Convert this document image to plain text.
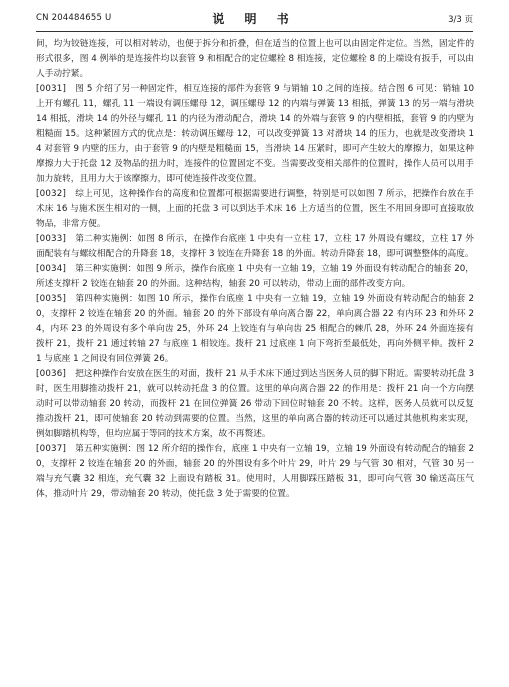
CN 204484655 U	说 明 书	3/3 页

间，均为铰链连接，可以相对转动，也便于拆分和折叠，但在适当的位置上也可以由固定件定位。当然，固定件的形式很多，图 4 例举的是连接件均以套管 9 和相配合的定位螺栓 8 相连接，定位螺栓 8 的上端设有扳手，可以由人手动拧紧。

[0031] 图 5 介绍了另一种固定件，相互连接的部件为套管 9 与销轴 10 之间的连接。结合图 6 可见：销轴 10 上开有螺孔 11，螺孔 11 一端设有调压螺母 12，调压螺母 12 的内端与弹簧 13 相抵，弹簧 13 的另一端与滑块 14 相抵，滑块 14 的外径与螺孔 11 的内径为滑动配合，滑块 14 的外端与套管 9 的内壁相抵，套管 9 的内壁为粗糙面 15。这种紧固方式的优点是：转动调压螺母 12，可以改变弹簧 13 对滑块 14 的压力，也就是改变滑块 14 对套管 9 内壁的压力，由于套管 9 的内壁是粗糙面 15，当滑块 14 压紧时，即可产生较大的摩擦力，如果这种摩擦力大于托盘 12 及物品的扭力时，连接件的位置固定不变。当需要改变相关部件的位置时，操作人员可以用手加力旋转，且用力大于该摩擦力，即可使连接件改变位置。

[0032] 综上可见，这种操作台的高度和位置都可根据需要进行调整，特别是可以如图 7 所示，把操作台放在手术床 16 与施术医生相对的一侧，上面的托盘 3 可以到达手术床 16 上方适当的位置，医生不用回身即可直接取放物品，非常方便。

[0033] 第二种实施例：如图 8 所示，在操作台底座 1 中央有一立柱 17，立柱 17 外周设有螺纹，立柱 17 外面配装有与螺纹相配合的升降套 18，支撑杆 3 铰连在升降套 18 的外面。转动升降套 18，即可调整整体的高度。

[0034] 第三种实施例：如图 9 所示，操作台底座 1 中央有一立轴 19，立轴 19 外面设有转动配合的轴套 20，所述支撑杆 2 铰连在轴套 20 的外面。这种结构，轴套 20 可以转动，带动上面的部件改变方向。

[0035] 第四种实施例：如图 10 所示，操作台底座 1 中央有一立轴 19，立轴 19 外面设有转动配合的轴套 20，支撑杆 2 铰连在轴套 20 的外面。轴套 20 的外下部设有单向离合器 22，单向离合器 22 有内环 23 和外环 24，内环 23 的外周设有多个单向齿 25，外环 24 上铰连有与单向齿 25 相配合的棘爪 28，外环 24 外面连接有拨杆 21，拨杆 21 通过转轴 27 与底座 1 相铰连。拨杆 21 过底座 1 向下弯折至最低处，再向外侧平伸。拨杆 21 与底座 1 之间设有回位弹簧 26。

[0036] 把这种操作台安放在医生的对面，拨杆 21 从手术床下通过到达当医务人员的脚下附近。需要转动托盘 3 时，医生用脚推动拨杆 21，就可以转动托盘 3 的位置。这里的单向离合器 22 的作用是：拨杆 21 向一个方向摆动时可以带动轴套 20 转动，而拨杆 21 在回位弹簧 26 带动下回位时轴套 20 不转。这样，医务人员就可以反复推动拨杆 21，即可使轴套 20 转动到需要的位置。当然，这里的单向离合器的转动还可以通过其他机构来实现，例如脚踏机构等，但均应属于等同的技术方案，故不再赘述。

[0037] 第五种实施例：图 12 所介绍的操作台，底座 1 中央有一立轴 19，立轴 19 外面设有转动配合的轴套 20，支撑杆 2 铰连在轴套 20 的外面，轴套 20 的外围设有多个叶片 29，叶片 29 与气管 30 相对，气管 30 另一端与充气囊 32 相连，充气囊 32 上面设有踏板 31。使用时，人用脚踩压踏板 31，即可向气管 30 输送高压气体，推动叶片 29，带动轴套 20 转动，使托盘 3 处于需要的位置。
